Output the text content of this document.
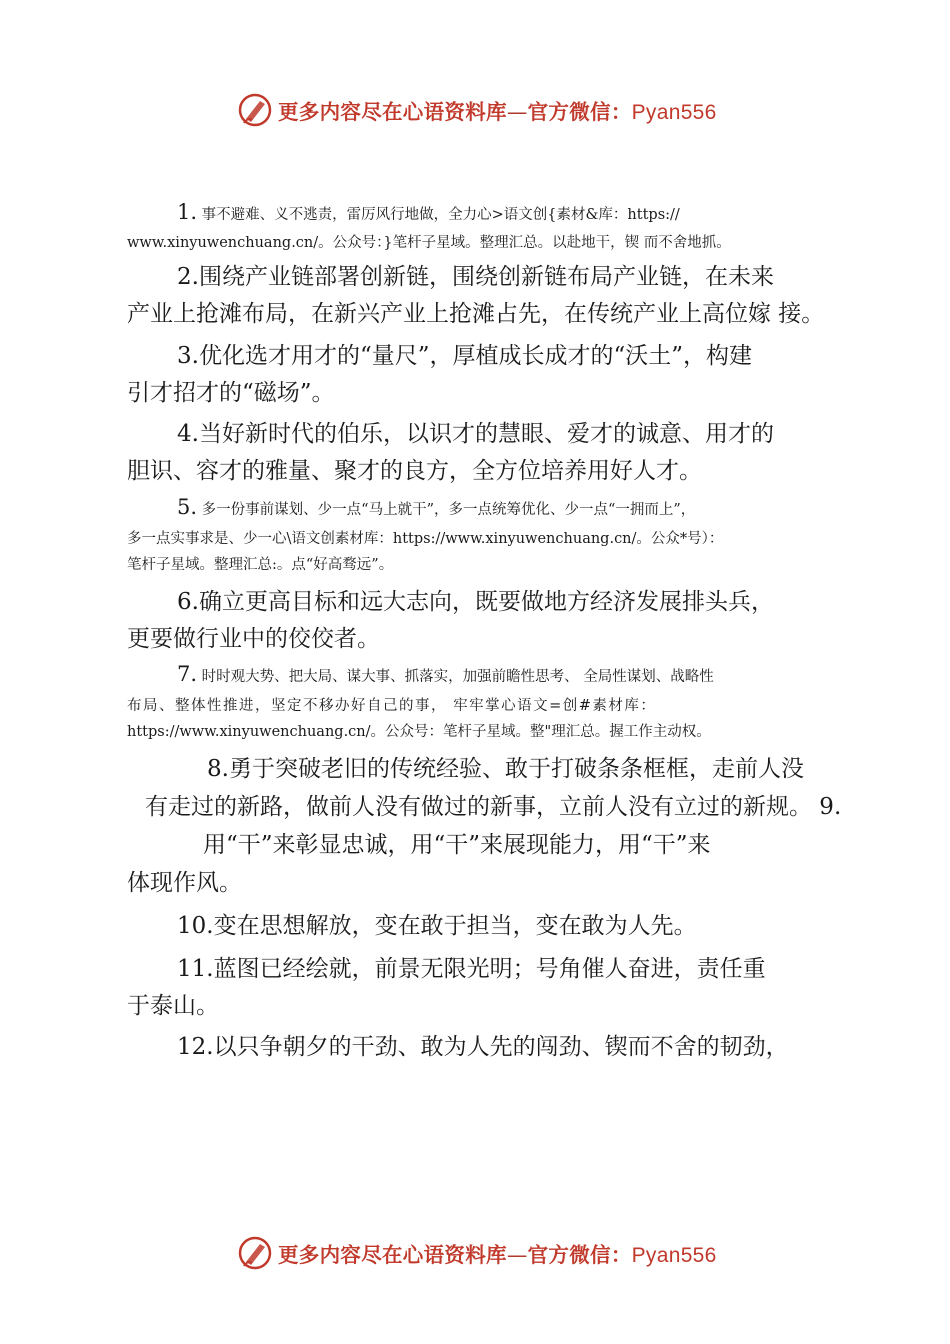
更多内容尽在心语资料库—官方微信：Pyan556
1. 事不避难、义不逃责，雷厉风行地做，全力心>语文创{素材&库：https://
www.xinyuwenchuang.cn/。公众号：}笔杆子星域。整理汇总。以赴地干，锲 而不舍地抓。
2.围绕产业链部署创新链，围绕创新链布局产业链，在未来
产业上抢滩布局，在新兴产业上抢滩占先，在传统产业上高位嫁 接。
3.优化选才用才的“量尺”，厚植成长成才的“沃土”，构建
引才招才的“磁场”。
4.当好新时代的伯乐，以识才的慧眼、爱才的诚意、用才的
胆识、容才的雅量、聚才的良方，全方位培养用好人才。
5. 多一份事前谋划、少一点“马上就干”，多一点统筹优化、少一点“一拥而上”，
多一点实事求是、少一心\语文创素材库：https://www.xinyuwenchuang.cn/。公众*号）：
笔杆子星域。整理汇总:。点“好高骛远”。
6.确立更高目标和远大志向，既要做地方经济发展排头兵，
更要做行业中的佼佼者。
7. 时时观大势、把大局、谋大事、抓落实，加强前瞻性思考、 全局性谋划、战略性
布局、整体性推进，坚定不移办好自己的事， 牢牢掌心语文=创#素材库：
https://www.xinyuwenchuang.cn/。公众号：笔杆子星域。整"理汇总。握工作主动权。
8.勇于突破老旧的传统经验、敢于打破条条框框，走前人没
有走过的新路，做前人没有做过的新事，立前人没有立过的新规。 9.
用“干”来彰显忠诚，用“干”来展现能力，用“干”来
体现作风。
10.变在思想解放，变在敢于担当，变在敢为人先。
11.蓝图已经绘就，前景无限光明；号角催人奋进，责任重
于泰山。
12.以只争朝夕的干劲、敢为人先的闯劲、锲而不舍的韧劲，
更多内容尽在心语资料库—官方微信：Pyan556
